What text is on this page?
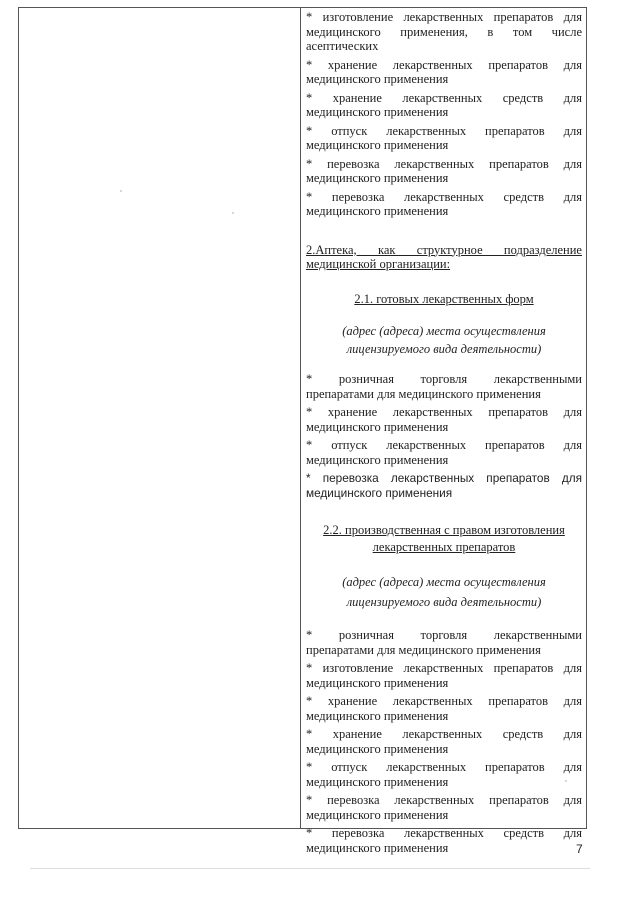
* изготовление лекарственных препаратов для медицинского применения, в том числе асептических

* хранение лекарственных препаратов для медицинского применения

* хранение лекарственных средств для медицинского применения

* отпуск лекарственных препаратов для медицинского применения

* перевозка лекарственных препаратов для медицинского применения

* перевозка лекарственных средств для медицинского применения

2.Аптека, как структурное подразделение медицинской организации:

2.1. готовых лекарственных форм

(адрес (адреса) места осуществления лицензируемого вида деятельности)

* розничная торговля лекарственными препаратами для медицинского применения

* хранение лекарственных препаратов для медицинского применения

* отпуск лекарственных препаратов для медицинского применения

* перевозка лекарственных препаратов для медицинского применения

2.2. производственная с правом изготовления лекарственных препаратов

(адрес (адреса) места осуществления лицензируемого вида деятельности)

* розничная торговля лекарственными препаратами для медицинского применения

* изготовление лекарственных препаратов для медицинского применения

* хранение лекарственных препаратов для медицинского применения

* хранение лекарственных средств для медицинского применения

* отпуск лекарственных препаратов для медицинского применения

* перевозка лекарственных препаратов для медицинского применения

* перевозка лекарственных средств для медицинского применения	7
